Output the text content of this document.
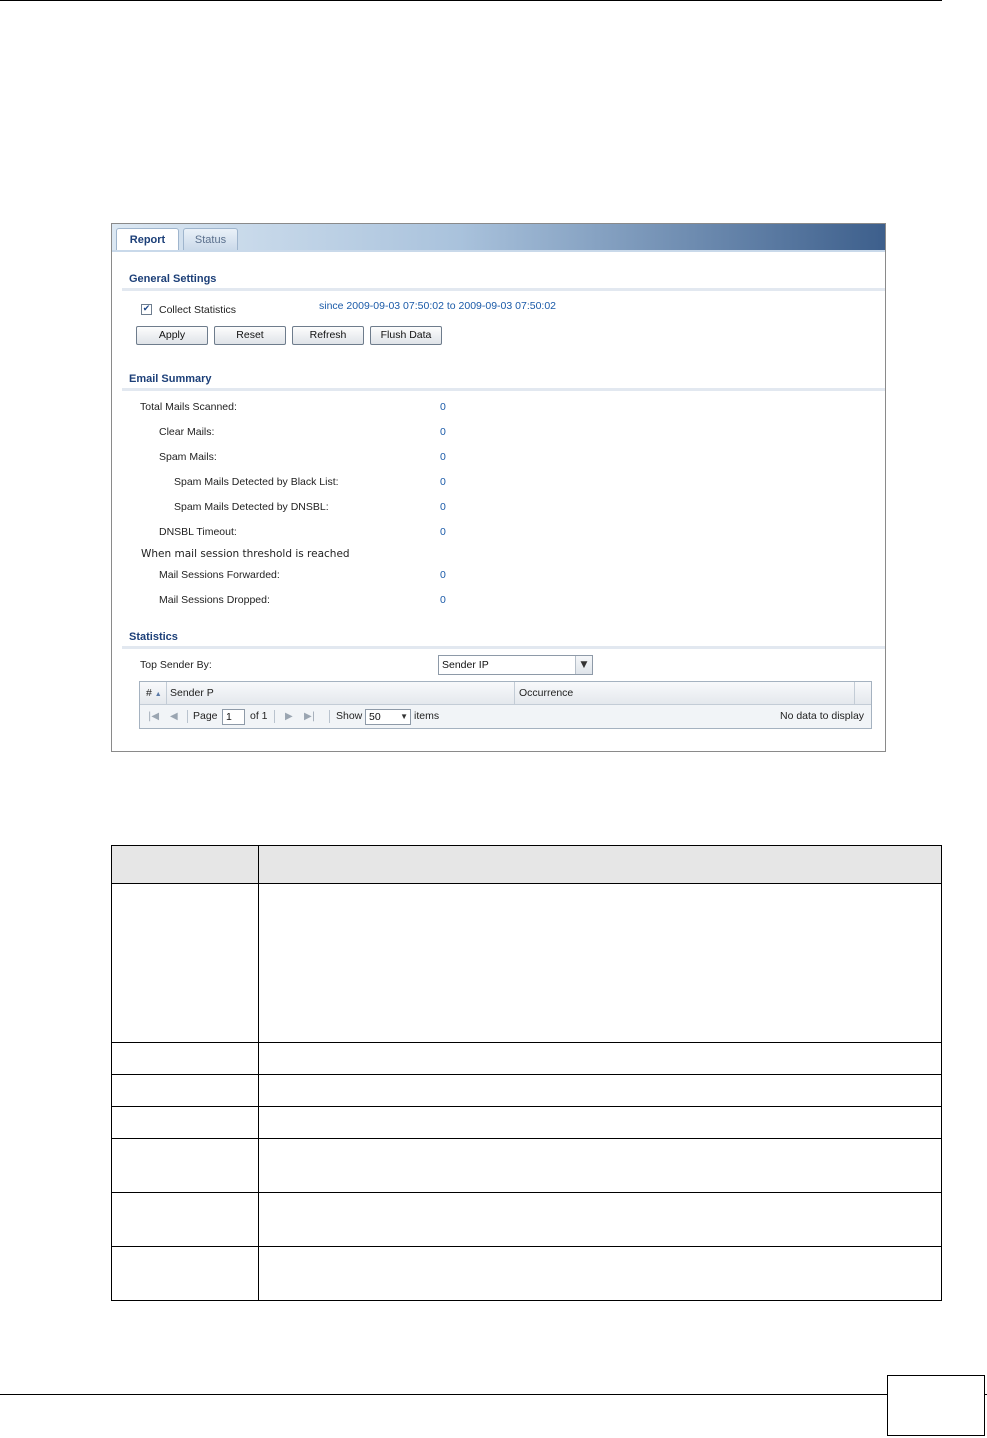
Report	Status
General Settings
✔ Collect Statistics	since 2009-09-03 07:50:02 to 2009-09-03 07:50:02
Apply	Reset	Refresh	Flush Data
Email Summary
Total Mails Scanned:	0
Clear Mails:	0
Spam Mails:	0
Spam Mails Detected by Black List:	0
Spam Mails Detected by DNSBL:	0
DNSBL Timeout:	0
When mail session threshold is reached
Mail Sessions Forwarded:	0
Mail Sessions Dropped:	0
Statistics
Top Sender By:	Sender IP	▼
# ▲ Sender P	Occurrence
|◀ ◀ Page 1	of 1 ▶ ▶| Show 50 ▼ items	No data to display
